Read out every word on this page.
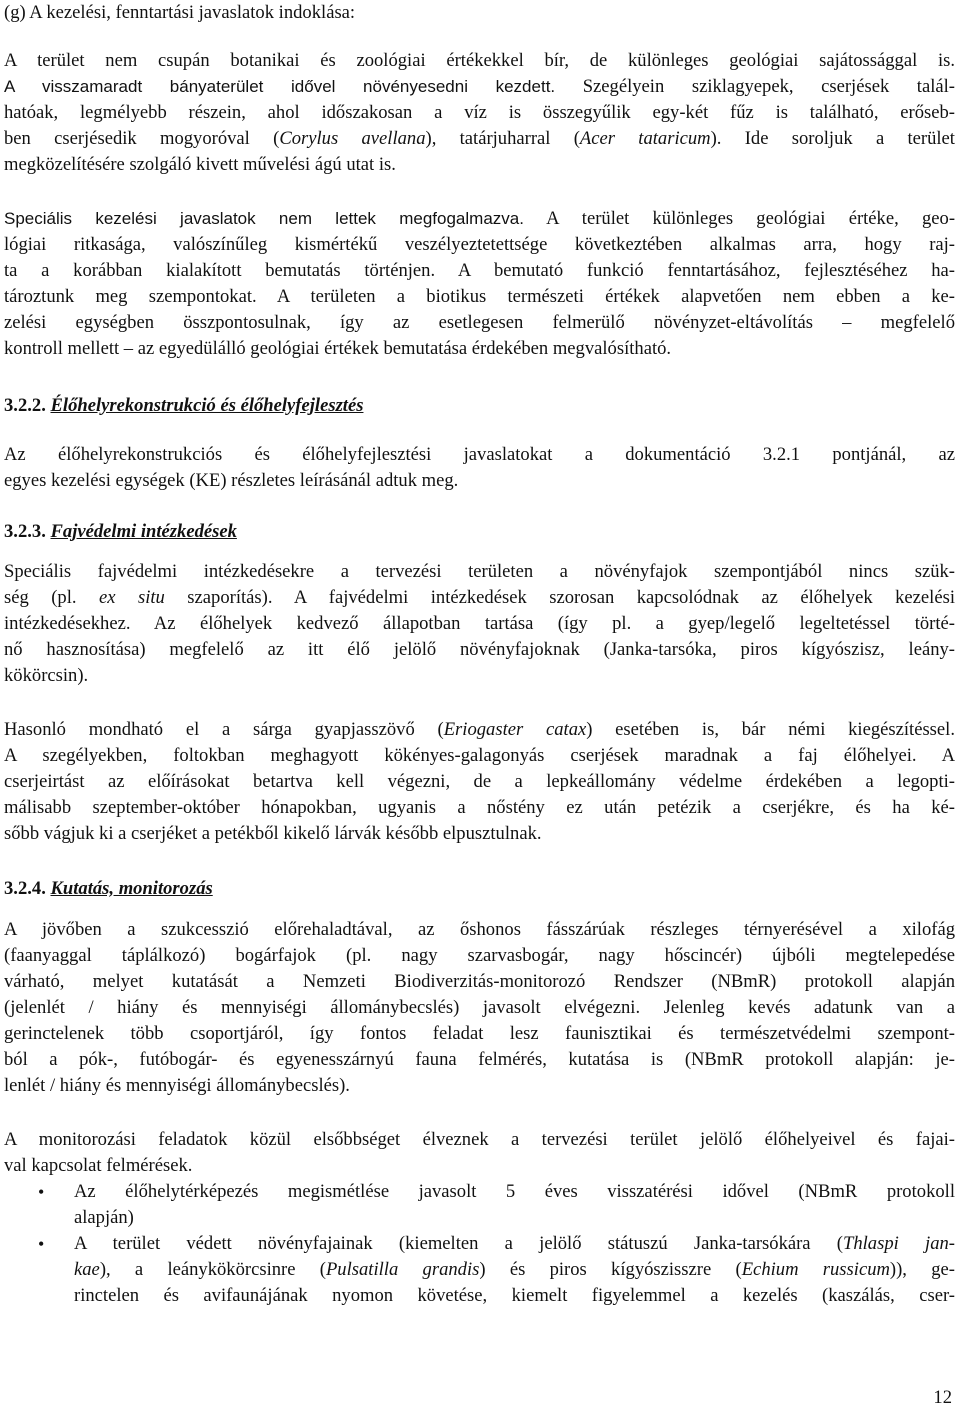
(g) A kezelési, fenntartási javaslatok indoklása:
A terület nem csupán botanikai és zoológiai értékekkel bír, de különleges geológiai sajátossággal is.
A visszamaradt bányaterület idővel növényesedni kezdett. Szegélyein sziklagyepek, cserjések talál-
hatóak, legmélyebb részein, ahol időszakosan a víz is összegyűlik egy-két fűz is található, erőseb-
ben cserjésedik mogyoróval (Corylus avellana), tatárjuharral (Acer tataricum). Ide soroljuk a terület
megközelítésére szolgáló kivett művelési ágú utat is.
Speciális kezelési javaslatok nem lettek megfogalmazva. A terület különleges geológiai értéke, geo-
lógiai ritkasága, valószínűleg kismértékű veszélyeztetettsége következtében alkalmas arra, hogy raj-
ta a korábban kialakított bemutatás történjen. A bemutató funkció fenntartásához, fejlesztéséhez ha-
tároztunk meg szempontokat. A területen a biotikus természeti értékek alapvetően nem ebben a ke-
zelési egységben összpontosulnak, így az esetlegesen felmerülő növényzet-eltávolítás – megfelelő
kontroll mellett – az egyedülálló geológiai értékek bemutatása érdekében megvalósítható.
3.2.2. Élőhelyrekonstrukció és élőhelyfejlesztés
Az élőhelyrekonstrukciós és élőhelyfejlesztési javaslatokat a dokumentáció 3.2.1 pontjánál, az
egyes kezelési egységek (KE) részletes leírásánál adtuk meg.
3.2.3. Fajvédelmi intézkedések
Speciális fajvédelmi intézkedésekre a tervezési területen a növényfajok szempontjából nincs szük-
ség (pl. ex situ szaporítás). A fajvédelmi intézkedések szorosan kapcsolódnak az élőhelyek kezelési
intézkedésekhez. Az élőhelyek kedvező állapotban tartása (így pl. a gyep/legelő legeltetéssel törté-
nő hasznosítása) megfelelő az itt élő jelölő növényfajoknak (Janka-tarsóka, piros kígyószisz, leány-
kökörcsin).
Hasonló mondható el a sárga gyapjasszövő (Eriogaster catax) esetében is, bár némi kiegészítéssel.
A szegélyekben, foltokban meghagyott kökényes-galagonyás cserjések maradnak a faj élőhelyei. A
cserjeirtást az előírásokat betartva kell végezni, de a lepkeállomány védelme érdekében a legopti-
málisabb szeptember-október hónapokban, ugyanis a nőstény ez után petézik a cserjékre, és ha ké-
sőbb vágjuk ki a cserjéket a petékből kikelő lárvák később elpusztulnak.
3.2.4. Kutatás, monitorozás
A jövőben a szukcesszió előrehaladtával, az őshonos fásszárúak részleges térnyerésével a xilofág
(faanyaggal táplálkozó) bogárfajok (pl. nagy szarvasbogár, nagy hőscincér) újbóli megtelepedése
várható, melyet kutatását a Nemzeti Biodiverzitás-monitorozó Rendszer (NBmR) protokoll alapján
(jelenlét / hiány és mennyiségi állománybecslés) javasolt elvégezni. Jelenleg kevés adatunk van a
gerinctelenek több csoportjáról, így fontos feladat lesz faunisztikai és természetvédelmi szempont-
ból a pók-, futóbogár- és egyenesszárnyú fauna felmérés, kutatása is (NBmR protokoll alapján: je-
lenlét / hiány és mennyiségi állománybecslés).
A monitorozási feladatok közül elsőbbséget élveznek a tervezési terület jelölő élőhelyeivel és fajai-
val kapcsolat felmérések.
• Az élőhelytérképezés megismétlése javasolt 5 éves visszatérési idővel (NBmR protokoll
alapján)
• A terület védett növényfajainak (kiemelten a jelölő státuszú Janka-tarsókára (Thlaspi jan-
kae), a leánykökörcsinre (Pulsatilla grandis) és piros kígyószisszre (Echium russicum)), ge-
rinctelen és avifaunájának nyomon követése, kiemelt figyelemmel a kezelés (kaszálás, cser-
12
